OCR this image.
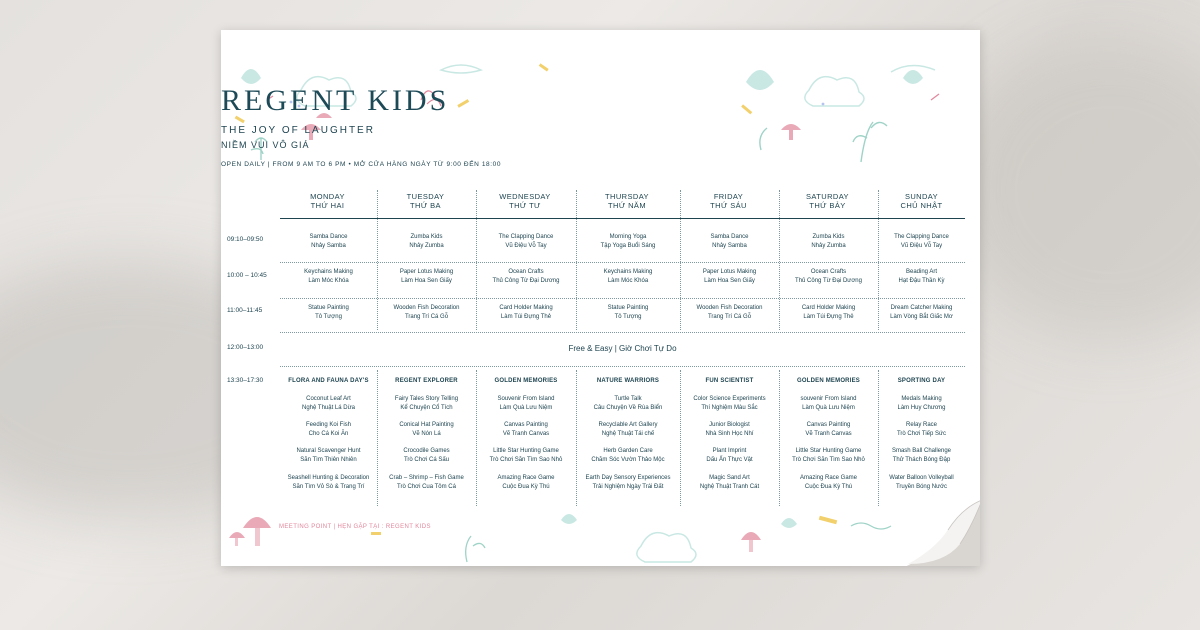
REGENT KIDS
THE JOY OF LAUGHTER
NIỀM VUI VÔ GIÁ
OPEN DAILY | FROM 9 AM TO 6 PM • MỞ CỬA HÀNG NGÀY TỪ 9:00 ĐẾN 18:00
MONDAY
THỨ HAI
TUESDAY
THỨ BA
WEDNESDAY
THỨ TƯ
THURSDAY
THỨ NĂM
FRIDAY
THỨ SÁU
SATURDAY
THỨ BẢY
SUNDAY
CHỦ NHẬT
09:10–09:50
10:00 – 10:45
11:00–11:45
12:00–13:00
13:30–17:30
Free & Easy | Giờ Chơi Tự Do
Samba Dance
Nhảy Samba
Zumba Kids
Nhảy Zumba
The Clapping Dance
Vũ Điệu Vỗ Tay
Morning Yoga
Tập Yoga Buổi Sáng
Samba Dance
Nhảy Samba
Zumba Kids
Nhảy Zumba
The Clapping Dance
Vũ Điệu Vỗ Tay
Keychains Making
Làm Móc Khóa
Paper Lotus Making
Làm Hoa Sen Giấy
Ocean Crafts
Thủ Công Từ Đại Dương
Keychains Making
Làm Móc Khóa
Paper Lotus Making
Làm Hoa Sen Giấy
Ocean Crafts
Thủ Công Từ Đại Dương
Beading Art
Hạt Đậu Thần Kỳ
Statue Painting
Tô Tượng
Wooden Fish Decoration
Trang Trí Cá Gỗ
Card Holder Making
Làm Túi Đựng Thẻ
Statue Painting
Tô Tượng
Wooden Fish Decoration
Trang Trí Cá Gỗ
Card Holder Making
Làm Túi Đựng Thẻ
Dream Catcher Making
Làm Vòng Bắt Giấc Mơ
FLORA AND FAUNA DAY'S
Coconut Leaf Art
Nghệ Thuật Lá Dừa
Feeding Koi Fish
Cho Cá Koi Ăn
Natural Scavenger Hunt
Săn Tìm Thiên Nhiên
Seashell Hunting & Decoration
Săn Tìm Vỏ Sò & Trang Trí
REGENT EXPLORER
Fairy Tales Story Telling
Kể Chuyện Cổ Tích
Conical Hat Painting
Vẽ Nón Lá
Crocodile Games
Trò Chơi Cá Sấu
Crab – Shrimp – Fish Game
Trò Chơi Cua Tôm Cá
GOLDEN MEMORIES
Souvenir From Island
Làm Quà Lưu Niệm
Canvas Painting
Vẽ Tranh Canvas
Little Star Hunting Game
Trò Chơi Săn Tìm Sao Nhỏ
Amazing Race Game
Cuộc Đua Kỳ Thú
NATURE WARRIORS
Turtle Talk
Câu Chuyện Về Rùa Biển
Recyclable Art Gallery
Nghệ Thuật Tái chế
Herb Garden Care
Chăm Sóc Vườn Thảo Mộc
Earth Day Sensory Experiences
Trải Nghiệm Ngày Trái Đất
FUN SCIENTIST
Color Science Experiments
Thí Nghiệm Màu Sắc
Junior Biologist
Nhà Sinh Học Nhí
Plant Imprint
Dấu Ấn Thực Vật
Magic Sand Art
Nghệ Thuật Tranh Cát
GOLDEN MEMORIES
souvenir From Island
Làm Quà Lưu Niệm
Canvas Painting
Vẽ Tranh Canvas
Little Star Hunting Game
Trò Chơi Săn Tìm Sao Nhỏ
Amazing Race Game
Cuộc Đua Kỳ Thú
SPORTING DAY
Medals Making
Làm Huy Chương
Relay Race
Trò Chơi Tiếp Sức
Smash Ball Challenge
Thử Thách Bóng Đập
Water Balloon Volleyball
Truyền Bóng Nước
MEETING POINT | HẸN GẶP TẠI : REGENT KIDS
